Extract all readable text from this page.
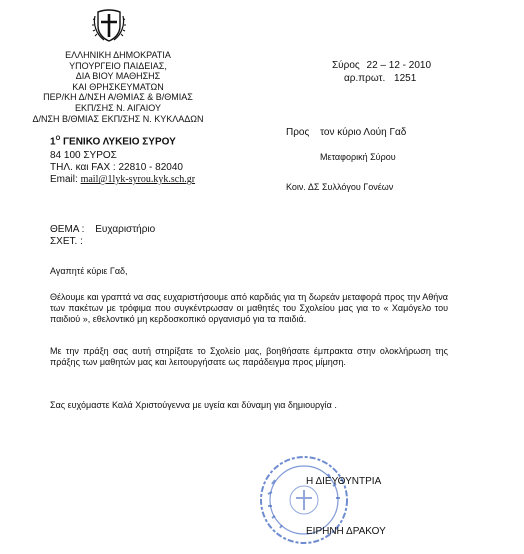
ΕΛΛΗΝΙΚΗ ΔΗΜΟΚΡΑΤΙΑ
ΥΠΟΥΡΓΕΙΟ ΠΑΙΔΕΙΑΣ,
ΔΙΑ ΒΙΟΥ ΜΑΘΗΣΗΣ
ΚΑΙ ΘΡΗΣΚΕΥΜΑΤΩΝ
ΠΕΡ/ΚΗ Δ/ΝΣΗ Α/ΘΜΙΑΣ & Β/ΘΜΙΑΣ
ΕΚΠ/ΣΗΣ Ν. ΑΙΓΑΙΟΥ
Δ/ΝΣΗ Β/ΘΜΙΑΣ ΕΚΠ/ΣΗΣ Ν. ΚΥΚΛΑΔΩΝ
Σύρος 22 – 12 - 2010
αρ.πρωτ. 1251
$1^O$ ΓΕΝΙΚΟ ΛΥΚΕΙΟ ΣΥΡΟΥ
84 100 ΣΥΡΟΣ
ΤΗΛ. και FAX : 22810 - 82040
Email: mail@1lyk-syrou.kyk.sch.gr
Προς τον κύριο Λούη Γαδ
Μεταφορική Σύρου
Κοιν. ΔΣ Συλλόγου Γονέων
ΘΕΜΑ : Ευχαριστήριο
ΣΧΕΤ. :
Αγαπητέ κύριε Γαδ,
Θέλουμε και γραπτά να σας ευχαριστήσουμε από καρδιάς για τη δωρεάν μεταφορά προς την Αθήνα των πακέτων με τρόφιμα που συγκέντρωσαν οι μαθητές του Σχολείου μας για το « Χαμόγελο του παιδιού », εθελοντικό μη κερδοσκοπικό οργανισμό για τα παιδιά.
Με την πράξη σας αυτή στηρίξατε το Σχολείο μας, βοηθήσατε έμπρακτα στην ολοκλήρωση της πράξης των μαθητών μας και λειτουργήσατε ως παράδειγμα προς μίμηση.
Σας ευχόμαστε Καλά Χριστούγεννα με υγεία και δύναμη για δημιουργία .
Η ΔΙΕΥΘΥΝΤΡΙΑ
ΕΙΡΗΝΗ ΔΡΑΚΟΥ
